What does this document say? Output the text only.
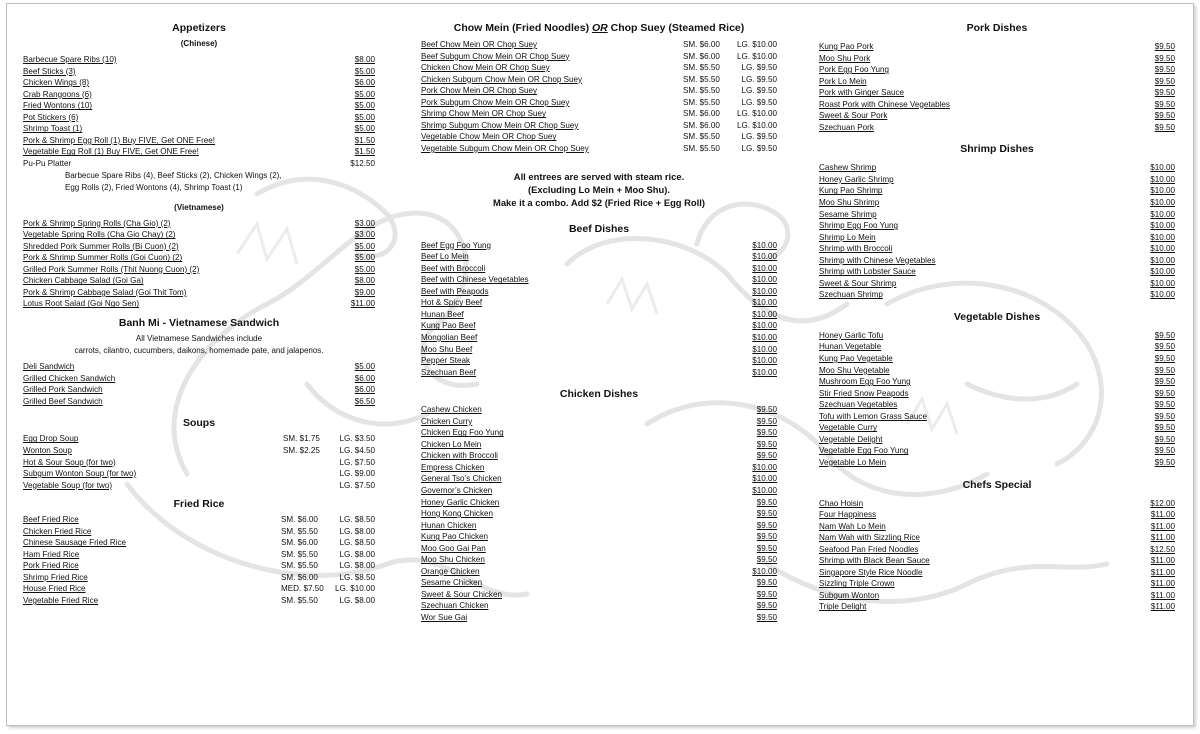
Appetizers
(Chinese)
Barbecue Spare Ribs (10)	$8.00
Beef Sticks (3)	$5.00
Chicken Wings (8)	$6.00
Crab Rangoons (6)	$5.00
Fried Wontons (10)	$5.00
Pot Stickers (6)	$5.00
Shrimp Toast (1)	$5.00
Pork & Shrimp Egg Roll (1) Buy FIVE, Get ONE Free!	$1.50
Vegetable Egg Roll (1) Buy FIVE, Get ONE Free!	$1.50
Pu-Pu Platter	$12.50
Barbecue Spare Ribs (4), Beef Sticks (2), Chicken Wings (2),
Egg Rolls (2), Fried Wontons (4), Shrimp Toast (1)
(Vietnamese)
Pork & Shrimp Spring Rolls (Cha Gio) (2)	$3.00
Vegetable Spring Rolls (Cha Gio Chay) (2)	$3.00
Shredded Pork Summer Rolls (Bi Cuon) (2)	$5.00
Pork & Shrimp Summer Rolls (Goi Cuon) (2)	$5.00
Grilled Pork Summer Rolls (Thit Nuong Cuon) (2)	$5.00
Chicken Cabbage Salad (Goi Ga)	$8.00
Pork & Shrimp Cabbage Salad (Goi Thit Tom)	$9.00
Lotus Root Salad (Goi Ngo Sen)	$11.00
Banh Mi - Vietnamese Sandwich
All Vietnamese Sandwiches include
carrots, cilantro, cucumbers, daikons, homemade pate, and jalapenos.
Deli Sandwich	$5.00
Grilled Chicken Sandwich	$6.00
Grilled Pork Sandwich	$6.00
Grilled Beef Sandwich	$6.50
Soups
Egg Drop Soup	SM. $1.75 LG. $3.50
Wonton Soup	SM. $2.25 LG. $4.50
Hot & Sour Soup (for two)	LG. $7.50
Subgum Wonton Soup (for two)	LG. $9.00
Vegetable Soup (for two)	LG. $7.50
Fried Rice
Beef Fried Rice	SM. $6.00	LG. $8.50
Chicken Fried Rice	SM. $5.50	LG. $8.00
Chinese Sausage Fried Rice	SM. $6.00	LG. $8.50
Ham Fried Rice	SM. $5.50	LG. $8.00
Pork Fried Rice	SM. $5.50	LG. $8.00
Shrimp Fried Rice	SM. $6.00	LG. $8.50
House Fried Rice	MED. $7.50 LG. $10.00
Vegetable Fried Rice	SM. $5.50	LG. $8.00
Chow Mein (Fried Noodles) OR Chop Suey (Steamed Rice)
Beef Chow Mein OR Chop Suey	SM. $6.00 LG. $10.00
Beef Subgum Chow Mein OR Chop Suey	SM. $6.00 LG. $10.00
Chicken Chow Mein OR Chop Suey	SM. $5.50	LG. $9.50
Chicken Subgum Chow Mein OR Chop Suey	SM. $5.50	LG. $9.50
Pork Chow Mein OR Chop Suey	SM. $5.50	LG. $9.50
Pork Subgum Chow Mein OR Chop Suey	SM. $5.50	LG. $9.50
Shrimp Chow Mein OR Chop Suey	SM. $6.00 LG. $10.00
Shrimp Subgum Chow Mein OR Chop Suey	SM. $6.00 LG. $10.00
Vegetable Chow Mein OR Chop Suey	SM. $5.50	LG. $9.50
Vegetable Subgum Chow Mein OR Chop Suey	SM. $5.50	LG. $9.50
All entrees are served with steam rice.
(Excluding Lo Mein + Moo Shu).
Make it a combo. Add $2 (Fried Rice + Egg Roll)
Beef Dishes
Beef Egg Foo Yung	$10.00
Beef Lo Mein	$10.00
Beef with Broccoli	$10.00
Beef with Chinese Vegetables	$10.00
Beef with Peapods	$10.00
Hot & Spicy Beef	$10.00
Hunan Beef	$10.00
Kung Pao Beef	$10.00
Mongolian Beef	$10.00
Moo Shu Beef	$10.00
Pepper Steak	$10.00
Szechuan Beef	$10.00
Chicken Dishes
Cashew Chicken	$9.50
Chicken Curry	$9.50
Chicken Egg Foo Yung	$9.50
Chicken Lo Mein	$9.50
Chicken with Broccoli	$9.50
Empress Chicken	$10.00
General Tso’s Chicken	$10.00
Governor’s Chicken	$10.00
Honey Garlic Chicken	$9.50
Hong Kong Chicken	$9.50
Hunan Chicken	$9.50
Kung Pao Chicken	$9.50
Moo Goo Gai Pan	$9.50
Moo Shu Chicken	$9.50
Orange Chicken	$10.00
Sesame Chicken	$9.50
Sweet & Sour Chicken	$9.50
Szechuan Chicken	$9.50
Wor Sue Gai	$9.50
Pork Dishes
Kung Pao Pork	$9.50
Moo Shu Pork	$9.50
Pork Egg Foo Yung	$9.50
Pork Lo Mein	$9.50
Pork with Ginger Sauce	$9.50
Roast Pork with Chinese Vegetables	$9.50
Sweet & Sour Pork	$9.50
Szechuan Pork	$9.50
Shrimp Dishes
Cashew Shrimp	$10.00
Honey Garlic Shrimp	$10.00
Kung Pao Shrimp	$10.00
Moo Shu Shrimp	$10.00
Sesame Shrimp	$10.00
Shrimp Egg Foo Yung	$10.00
Shrimp Lo Mein	$10.00
Shrimp with Broccoli	$10.00
Shrimp with Chinese Vegetables	$10.00
Shrimp with Lobster Sauce	$10.00
Sweet & Sour Shrimp	$10.00
Szechuan Shrimp	$10.00
Vegetable Dishes
Honey Garlic Tofu	$9.50
Hunan Vegetable	$9.50
Kung Pao Vegetable	$9.50
Moo Shu Vegetable	$9.50
Mushroom Egg Foo Yung	$9.50
Stir Fried Snow Peapods	$9.50
Szechuan Vegetables	$9.50
Tofu with Lemon Grass Sauce	$9.50
Vegetable Curry	$9.50
Vegetable Delight	$9.50
Vegetable Egg Foo Yung	$9.50
Vegetable Lo Mein	$9.50
Chefs Special
Chao Hoisin	$12.00
Four Happiness	$11.00
Nam Wah Lo Mein	$11.00
Nam Wah with Sizzling Rice	$11.00
Seafood Pan Fried Noodles	$12.50
Shrimp with Black Bean Sauce	$11.00
Singapore Style Rice Noodle	$11.00
Sizzling Triple Crown	$11.00
Subgum Wonton	$11.00
Triple Delight	$11.00
